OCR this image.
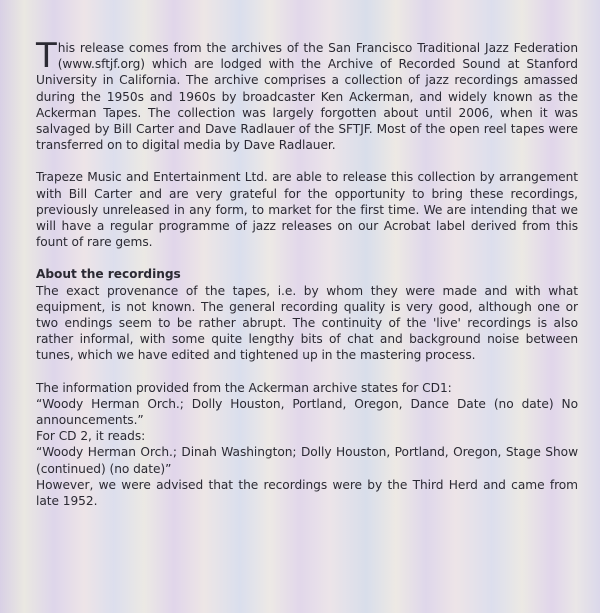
This release comes from the archives of the San Francisco Traditional Jazz Federation (www.sftjf.org) which are lodged with the Archive of Recorded Sound at Stanford University in California. The archive comprises a collection of jazz recordings amassed during the 1950s and 1960s by broadcaster Ken Ackerman, and widely known as the Ackerman Tapes. The collection was largely forgotten about until 2006, when it was salvaged by Bill Carter and Dave Radlauer of the SFTJF. Most of the open reel tapes were transferred on to digital media by Dave Radlauer.

Trapeze Music and Entertainment Ltd. are able to release this collection by arrangement with Bill Carter and are very grateful for the opportunity to bring these recordings, previously unreleased in any form, to market for the first time. We are intending that we will have a regular programme of jazz releases on our Acrobat label derived from this fount of rare gems.

About the recordings

The exact provenance of the tapes, i.e. by whom they were made and with what equipment, is not known. The general recording quality is very good, although one or two endings seem to be rather abrupt. The continuity of the 'live' recordings is also rather informal, with some quite lengthy bits of chat and background noise between tunes, which we have edited and tightened up in the mastering process.

The information provided from the Ackerman archive states for CD1:
“Woody Herman Orch.; Dolly Houston, Portland, Oregon, Dance Date (no date) No announcements.”
For CD 2, it reads:
“Woody Herman Orch.; Dinah Washington; Dolly Houston, Portland, Oregon, Stage Show (continued) (no date)”
However, we were advised that the recordings were by the Third Herd and came from late 1952.
